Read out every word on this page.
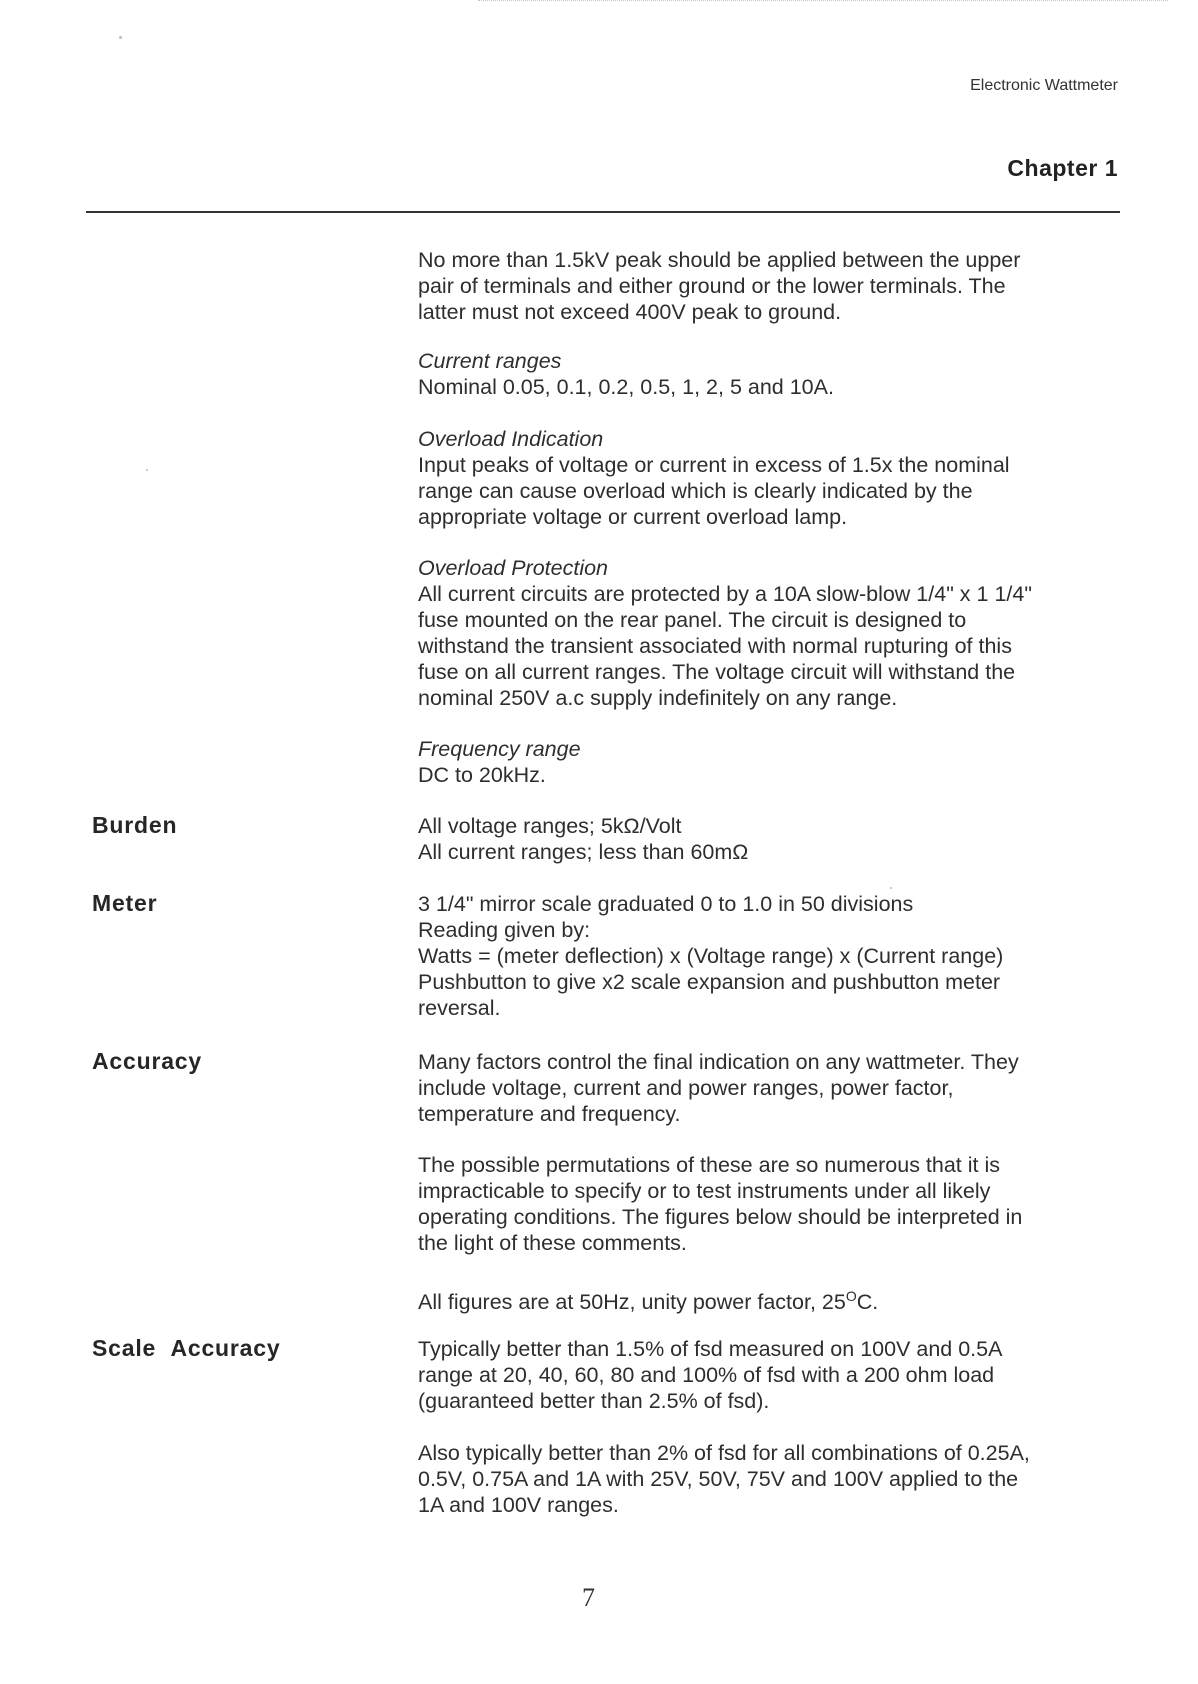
Electronic Wattmeter
Chapter 1
No more than 1.5kV peak should be applied between the upper
pair of terminals and either ground or the lower terminals. The
latter must not exceed 400V peak to ground.
Current ranges
Nominal 0.05, 0.1, 0.2, 0.5, 1, 2, 5 and 10A.
Overload Indication
Input peaks of voltage or current in excess of 1.5x the nominal
range can cause overload which is clearly indicated by the
appropriate voltage or current overload lamp.
Overload Protection
All current circuits are protected by a 10A slow-blow 1/4" x 1 1/4"
fuse mounted on the rear panel. The circuit is designed to
withstand the transient associated with normal rupturing of this
fuse on all current ranges. The voltage circuit will withstand the
nominal 250V a.c supply indefinitely on any range.
Frequency range
DC to 20kHz.
Burden	All voltage ranges; 5kΩ/Volt
All current ranges; less than 60mΩ
Meter	3 1/4" mirror scale graduated 0 to 1.0 in 50 divisions
Reading given by:
Watts = (meter deflection) x (Voltage range) x (Current range)
Pushbutton to give x2 scale expansion and pushbutton meter
reversal.
Accuracy	Many factors control the final indication on any wattmeter. They
include voltage, current and power ranges, power factor,
temperature and frequency.
The possible permutations of these are so numerous that it is
impracticable to specify or to test instruments under all likely
operating conditions. The figures below should be interpreted in
the light of these comments.
All figures are at 50Hz, unity power factor, $25^OC$.
Scale Accuracy	Typically better than 1.5% of fsd measured on 100V and 0.5A
range at 20, 40, 60, 80 and 100% of fsd with a 200 ohm load
(guaranteed better than 2.5% of fsd).
Also typically better than 2% of fsd for all combinations of 0.25A,
0.5V, 0.75A and 1A with 25V, 50V, 75V and 100V applied to the
1A and 100V ranges.
7
